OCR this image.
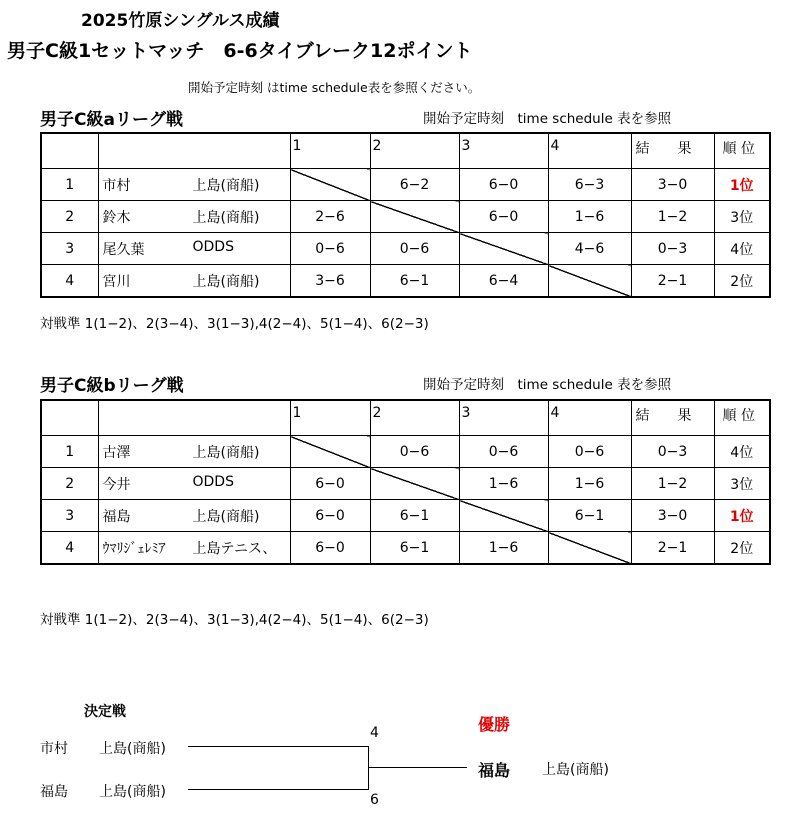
2025竹原シングルス成績
男子C級1セットマッチ　6-6タイブレーク12ポイント
開始予定時刻 はtime schedule表を参照ください。
男子C級aリーグ戦	開始予定時刻　time schedule 表を参照
		1	2	3	4	結　　果	順 位
1	市村 上島(商船)		6−2	6−0	6−3	3−0	1位
2	鈴木 上島(商船)	2−6		6−0	1−6	1−2	3位
3	尾久葉 ODDS	0−6	0−6		4−6	0−3	4位
4	宮川 上島(商船)	3−6	6−1	6−4		2−1	2位
対戦準 1(1−2)、2(3−4)、3(1−3),4(2−4)、5(1−4)、6(2−3)
男子C級bリーグ戦	開始予定時刻　time schedule 表を参照
		1	2	3	4	結　　果	順 位
1	古澤 上島(商船)		0−6	0−6	0−6	0−3	4位
2	今井 ODDS	6−0		1−6	1−6	1−2	3位
3	福島 上島(商船)	6−0	6−1		6−1	3−0	1位
4	ｳﾏﾘｼﾞｪﾚﾐｱ 上島テニス、	6−0	6−1	1−6		2−1	2位
対戦準 1(1−2)、2(3−4)、3(1−3),4(2−4)、5(1−4)、6(2−3)
決定戦
市村 上島(商船)
福島 上島(商船)
4
6
優勝
福島 上島(商船)
